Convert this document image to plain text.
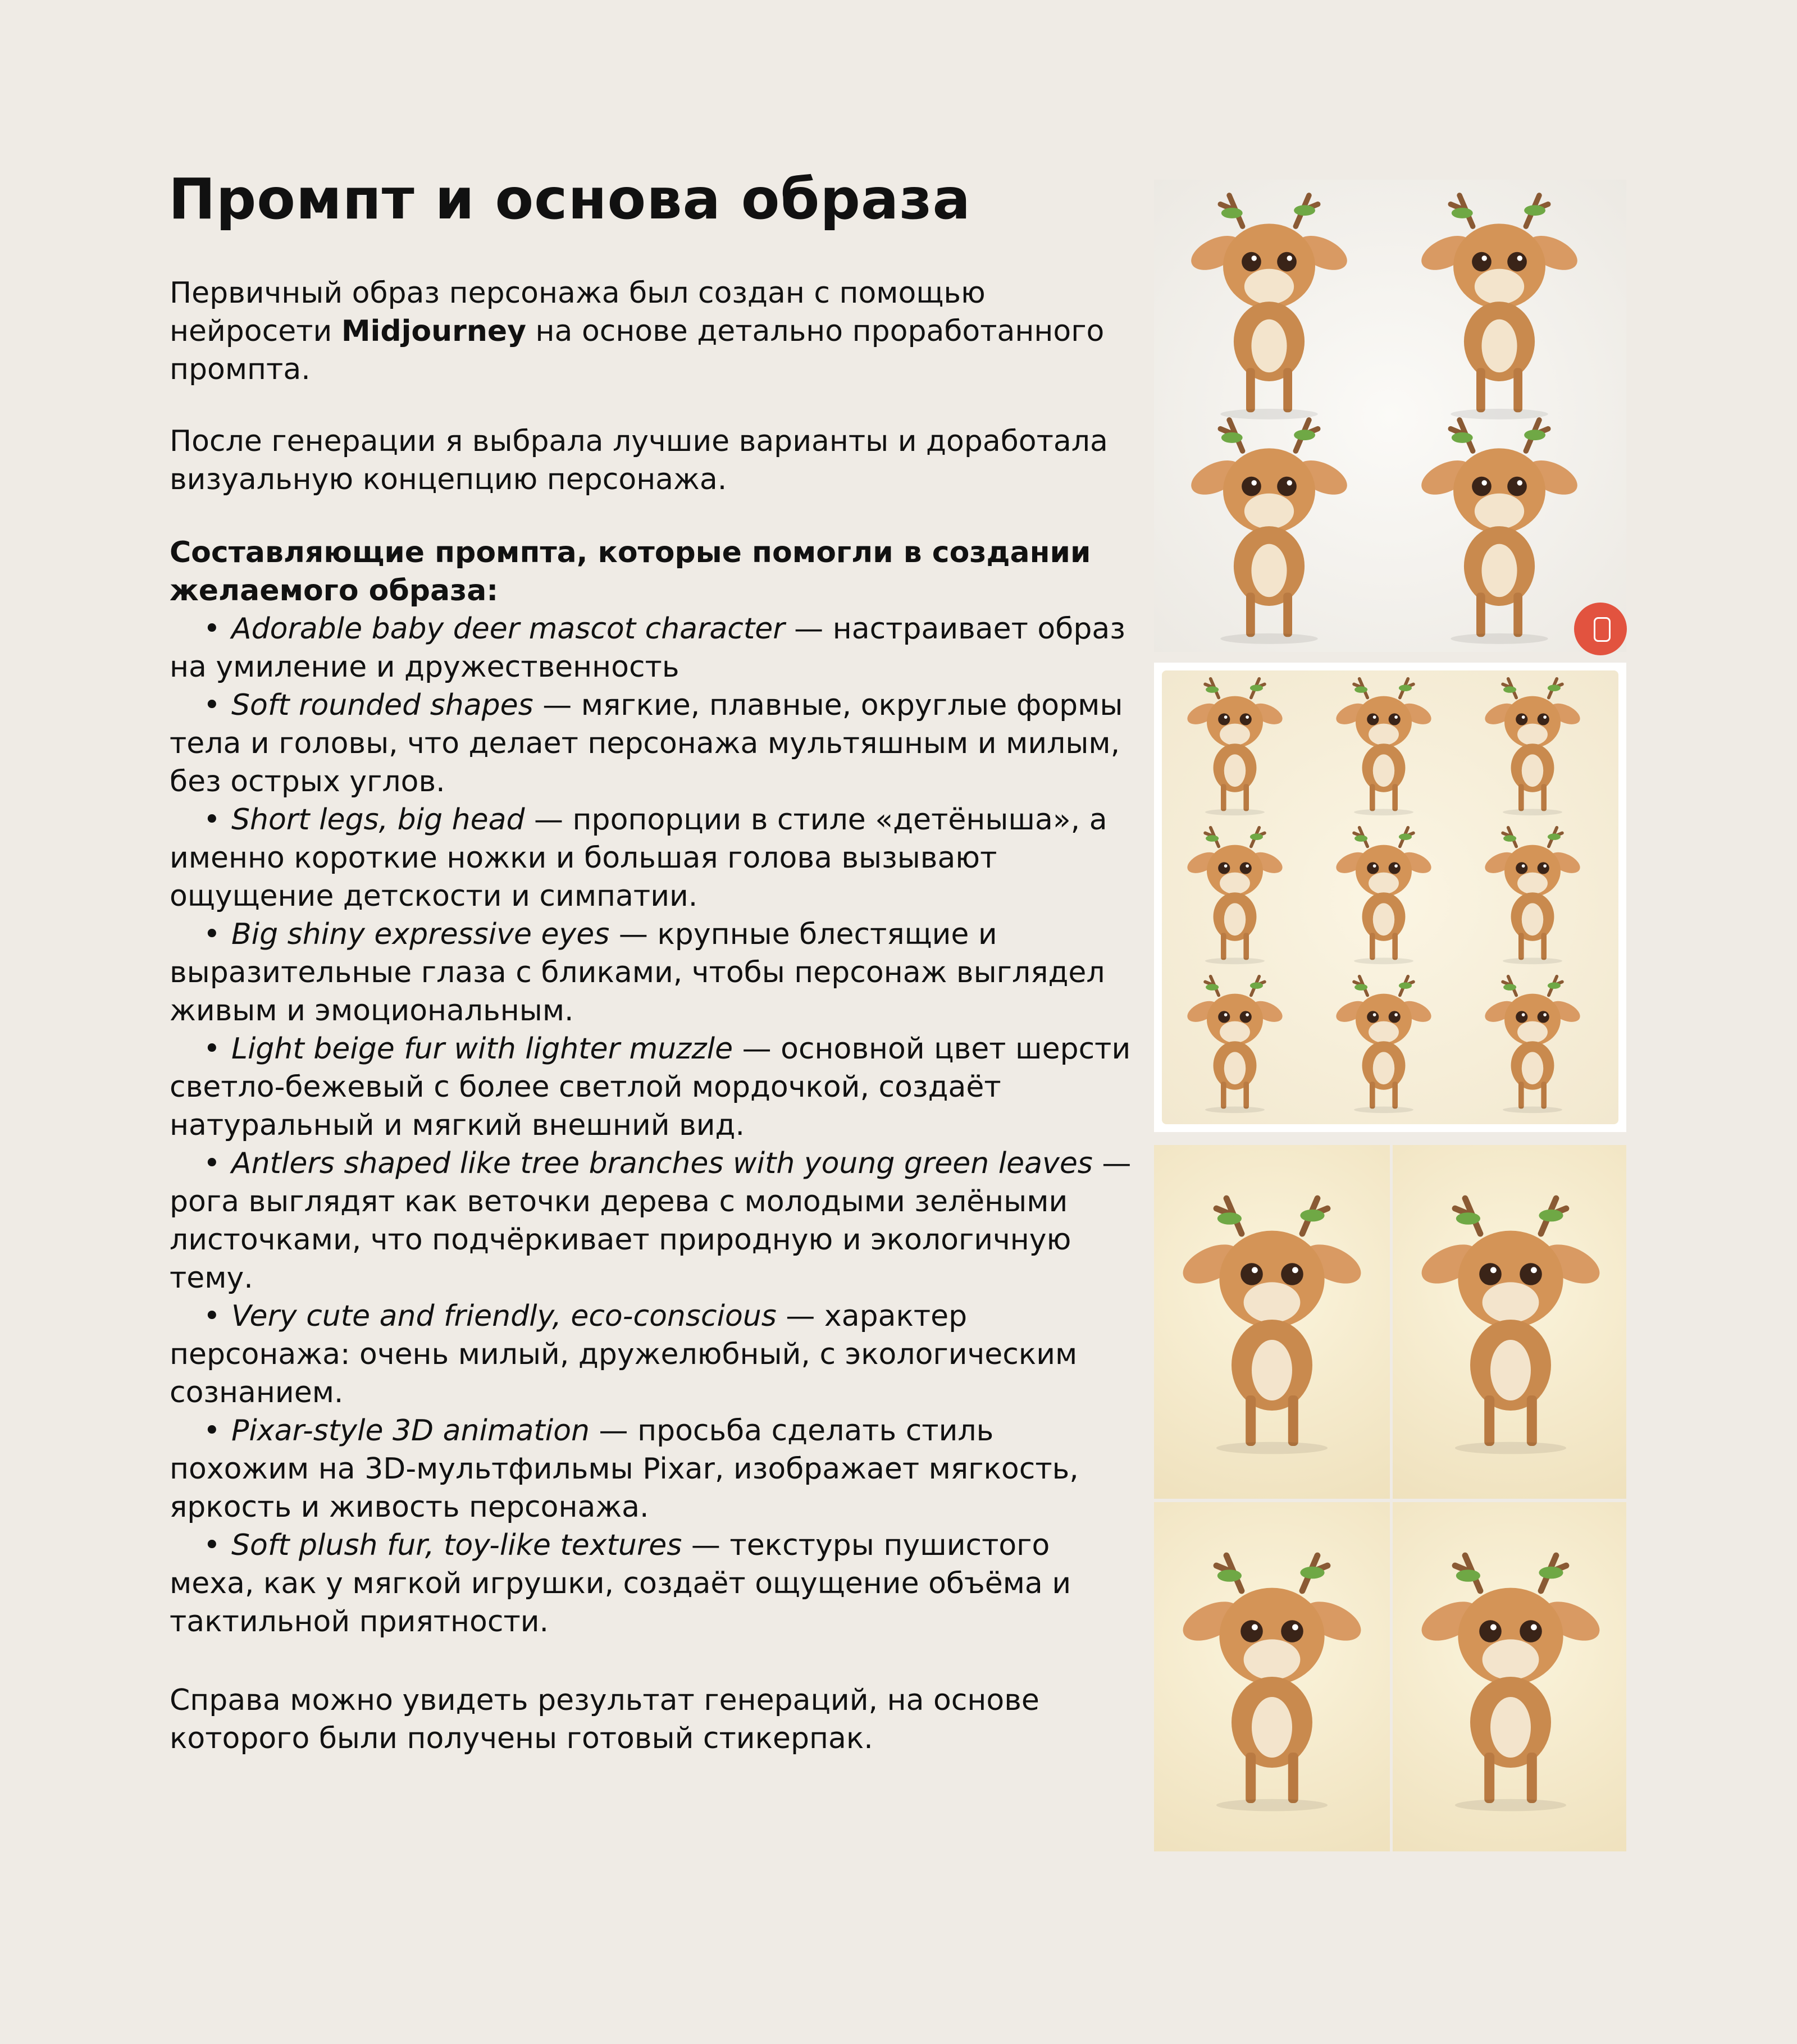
Промпт и основа образа

Первичный образ персонажа был создан с помощью нейросети Midjourney на основе детально проработанного промпта.

После генерации я выбрала лучшие варианты и доработала визуальную концепцию персонажа.

Составляющие промпта, которые помогли в создании желаемого образа:

• Adorable baby deer mascot character — настраивает образ на умиление и дружественность

• Soft rounded shapes — мягкие, плавные, округлые формы тела и головы, что делает персонажа мультяшным и милым, без острых углов.

• Short legs, big head — пропорции в стиле «детёныша», а именно короткие ножки и большая голова вызывают ощущение детскости и симпатии.

• Big shiny expressive eyes — крупные блестящие и выразительные глаза с бликами, чтобы персонаж выглядел живым и эмоциональным.

• Light beige fur with lighter muzzle — основной цвет шерсти светло-бежевый с более светлой мордочкой, создаёт натуральный и мягкий внешний вид.

• Antlers shaped like tree branches with young green leaves — рога выглядят как веточки дерева с молодыми зелёными листочками, что подчёркивает природную и экологичную тему.

• Very cute and friendly, eco-conscious — характер персонажа: очень милый, дружелюбный, с экологическим сознанием.

• Pixar-style 3D animation — просьба сделать стиль похожим на 3D-мультфильмы Pixar, изображает мягкость, яркость и живость персонажа.

• Soft plush fur, toy-like textures — текстуры пушистого меха, как у мягкой игрушки, создаёт ощущение объёма и тактильной приятности.

Справа можно увидеть результат генераций, на основе которого были получены готовый стикерпак.
